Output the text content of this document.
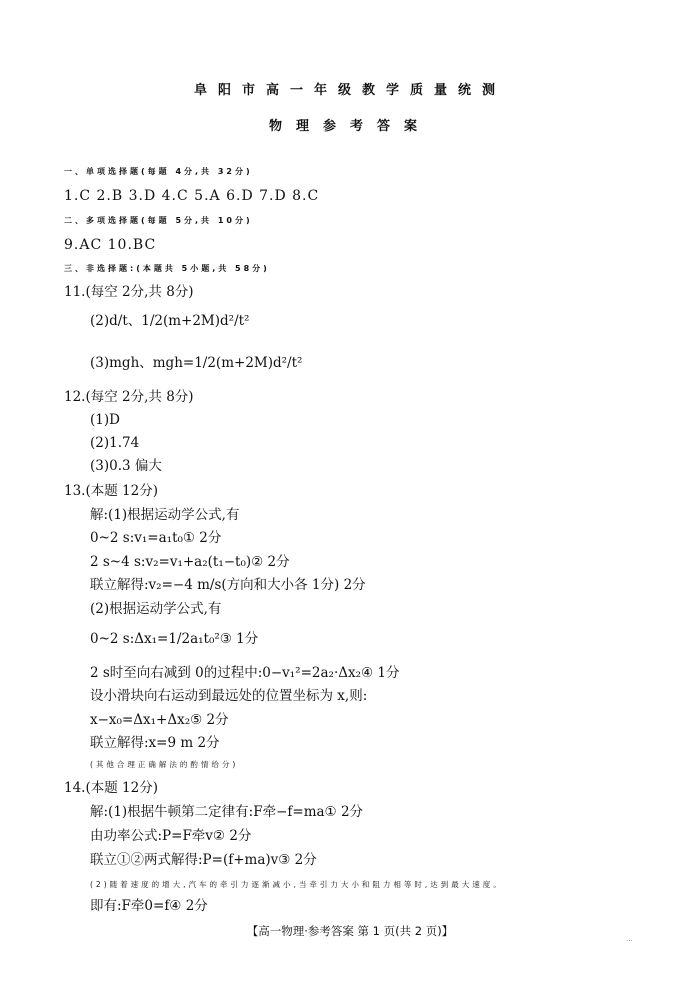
阜阳市高一年级教学质量统测
物理参考答案
一、单项选择题(每题 4分,共 32分)
1.C 2.B 3.D 4.C 5.A 6.D 7.D 8.C
二、多项选择题(每题 5分,共 10分)
9.AC 10.BC
三、非选择题:(本题共 5小题,共 58分)
11.(每空 2分,共 8分)
(2)d/t、1/2(m+2M)d²/t²
(3)mgh、mgh=1/2(m+2M)d²/t²
12.(每空 2分,共 8分)
(1)D
(2)1.74
(3)0.3 偏大
13.(本题 12分)
解:(1)根据运动学公式,有
0~2 s:v₁=a₁t₀① 2分
2 s~4 s:v₂=v₁+a₂(t₁−t₀)② 2分
联立解得:v₂=−4 m/s(方向和大小各 1分) 2分
(2)根据运动学公式,有
0~2 s:Δx₁=1/2a₁t₀²③ 1分
2 s时至向右减到 0的过程中:0−v₁²=2a₂·Δx₂④ 1分
设小滑块向右运动到最远处的位置坐标为 x,则:
x−x₀=Δx₁+Δx₂⑤ 2分
联立解得:x=9 m 2分
(其他合理正确解法的酌情给分)
14.(本题 12分)
解:(1)根据牛顿第二定律有:F牵−f=ma① 2分
由功率公式:P=F牵v② 2分
联立①②两式解得:P=(f+ma)v③ 2分
(2)随着速度的增大,汽车的牵引力逐渐减小,当牵引力大小和阻力相等时,达到最大速度。
即有:F牵0=f④ 2分
【高一物理·参考答案 第 1 页(共 2 页)】
...
